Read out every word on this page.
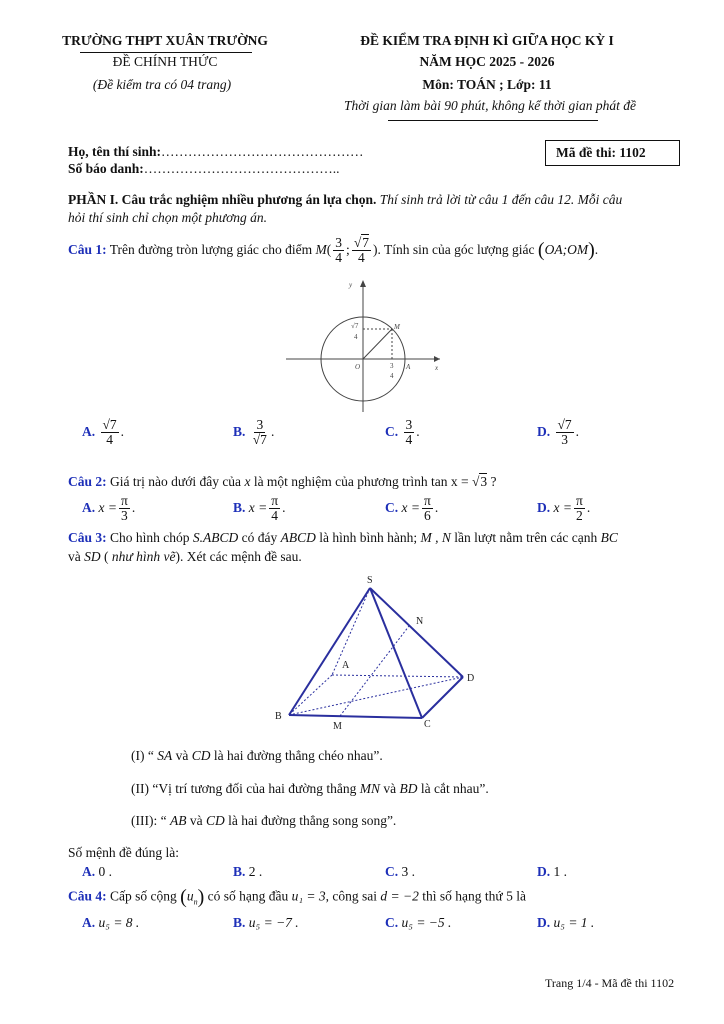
TRƯỜNG THPT XUÂN TRƯỜNG
ĐỀ CHÍNH THỨC
(Đề kiểm tra có 04 trang)
ĐỀ KIỂM TRA ĐỊNH KÌ GIỮA HỌC KỲ I
NĂM HỌC 2025 - 2026
Môn: TOÁN ; Lớp: 11
Thời gian làm bài 90 phút, không kể thời gian phát đề
Họ, tên thí sinh:………………………………………
Số báo danh:……………………………………..
Mã đề thi: 1102
PHẦN I. Câu trắc nghiệm nhiều phương án lựa chọn. Thí sinh trả lời từ câu 1 đến câu 12. Mỗi câu
hỏi thí sinh chỉ chọn một phương án.
Câu 1: Trên đường tròn lượng giác cho điểm $M( \frac{3}{4}$ ; $\frac{√7}{4}$ ). Tính sin của góc lượng giác (OA;OM).
y
x
O	A
M
√7
4
3
4
Câu 2: Giá trị nào dưới đây của x là một nghiệm của phương trình tan x = √3 ?
Câu 3: Cho hình chóp S.ABCD có đáy ABCD là hình bình hành; M , N lần lượt nằm trên các cạnh BC
và SD ( như hình vẽ). Xét các mệnh đề sau.
S
A
B
C
D
M
N
Số mệnh đề đúng là:
Câu 4: Cấp số cộng $(u_n)$ có số hạng đầu u₁ = 3, công sai d = −2 thì số hạng thứ 5 là
Trang 1/4 - Mã đề thi 1102
A. $\frac{√7}{4}$ .
A. $x = \frac{\pi}{3}$ .
A. 0 .
A. u₅ = 8 .
B. $\frac{3}{√7}$ .
B. $x = \frac{\pi}{4}$ .
B. 2 .
B. u₅ = −7 .
C. $\frac{3}{4}$ .
C. $x = \frac{\pi}{6}$ .
C. 3 .
C. u₅ = −5 .
D. $\frac{√7}{3}$ .
D. $x = \frac{\pi}{2}$ .
D. 1 .
D. u₅ = 1 .
(I) “ SA và CD là hai đường thẳng chéo nhau”.
(II) “Vị trí tương đối của hai đường thẳng MN và BD là cắt nhau”.
(III): “ AB và CD là hai đường thẳng song song”.
